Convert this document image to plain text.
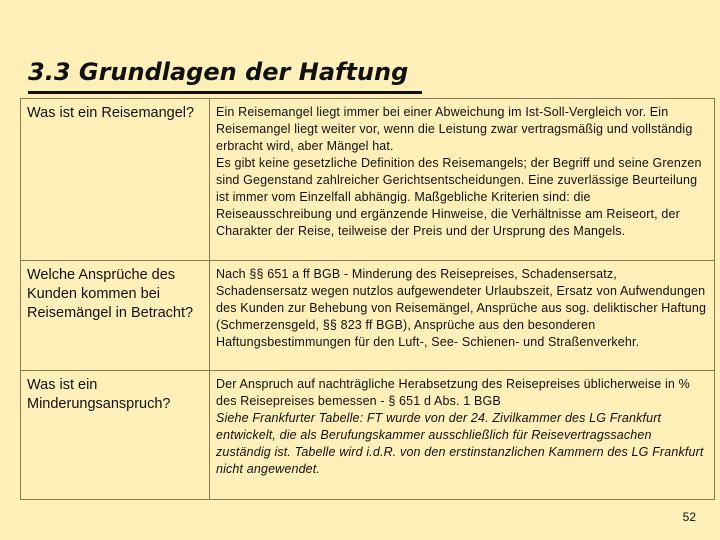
3.3 Grundlagen der Haftung
Was ist ein Reisemangel?	Ein Reisemangel liegt immer bei einer Abweichung im Ist-Soll-Vergleich vor. Ein Reisemangel liegt weiter vor, wenn die Leistung zwar vertragsmäßig und vollständig erbracht wird, aber Mängel hat.

Es gibt keine gesetzliche Definition des Reisemangels; der Begriff und seine Grenzen sind Gegenstand zahlreicher Gerichtsentscheidungen. Eine zuverlässige Beurteilung ist immer vom Einzelfall abhängig. Maßgebliche Kriterien sind: die Reiseausschreibung und ergänzende Hinweise, die Verhältnisse am Reiseort, der Charakter der Reise, teilweise der Preis und der Ursprung des Mangels.

Welche Ansprüche des Kunden kommen bei Reisemängel in Betracht?	Nach §§ 651 a ff BGB - Minderung des Reisepreises, Schadensersatz, Schadensersatz wegen nutzlos aufgewendeter Urlaubszeit, Ersatz von Aufwendungen des Kunden zur Behebung von Reisemängel, Ansprüche aus sog. deliktischer Haftung (Schmerzensgeld, §§ 823 ff BGB), Ansprüche aus den besonderen Haftungsbestimmungen für den Luft-, See- Schienen- und Straßenverkehr.

Was ist ein Minderungsanspruch?	Der Anspruch auf nachträgliche Herabsetzung des Reisepreises üblicherweise in % des Reisepreises bemessen - § 651 d Abs. 1 BGB

Siehe Frankfurter Tabelle: FT wurde von der 24. Zivilkammer des LG Frankfurt entwickelt, die als Berufungskammer ausschließlich für Reisevertragssachen zuständig ist. Tabelle wird i.d.R. von den erstinstanzlichen Kammern des LG Frankfurt nicht angewendet.

52
